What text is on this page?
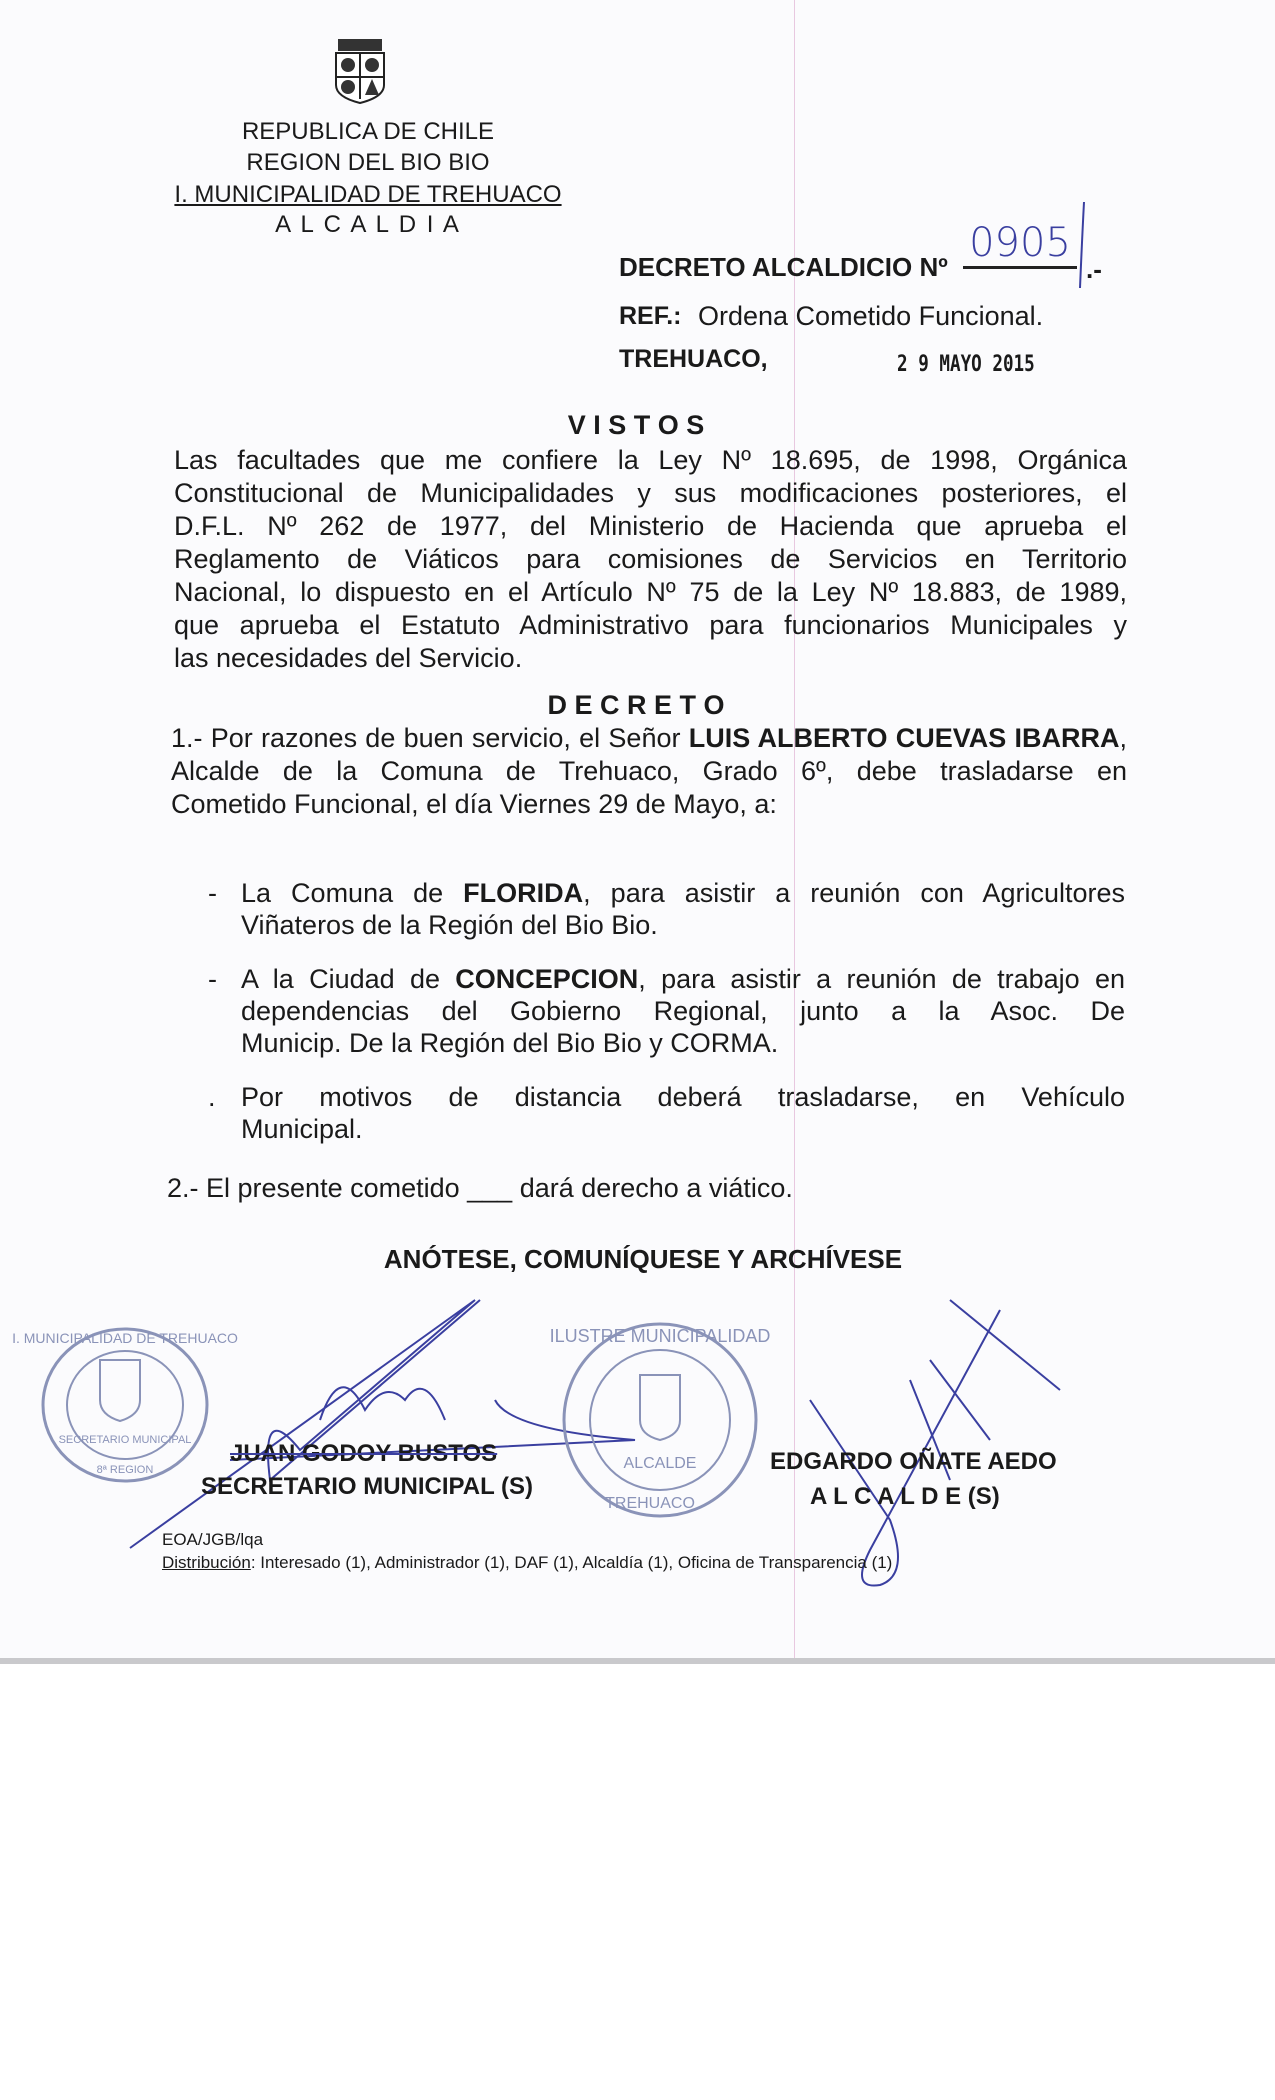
REPUBLICA DE CHILE
REGION DEL BIO BIO
I. MUNICIPALIDAD DE TREHUACO
A L C A L D I A
DECRETO ALCALDICIO Nº
0905
.-
REF.: Ordena Cometido Funcional.
TREHUACO,	2 9 MAYO 2015
V I S T O S
Las facultades que me confiere la Ley Nº 18.695, de 1998, Orgánica
Constitucional de Municipalidades y sus modificaciones posteriores, el
D.F.L. Nº 262 de 1977, del Ministerio de Hacienda que aprueba el
Reglamento de Viáticos para comisiones de Servicios en Territorio
Nacional, lo dispuesto en el Artículo Nº 75 de la Ley Nº 18.883, de 1989,
que aprueba el Estatuto Administrativo para funcionarios Municipales y
las necesidades del Servicio.
D E C R E T O
1.- Por razones de buen servicio, el Señor LUIS ALBERTO CUEVAS IBARRA,
Alcalde de la Comuna de Trehuaco, Grado 6º, debe trasladarse en
Cometido Funcional, el día Viernes 29 de Mayo, a:
- La Comuna de FLORIDA, para asistir a reunión con Agricultores
Viñateros de la Región del Bio Bio.
- A la Ciudad de CONCEPCION, para asistir a reunión de trabajo en
dependencias del Gobierno Regional, junto a la Asoc. De
Municip. De la Región del Bio Bio y CORMA.
. Por motivos de distancia deberá trasladarse, en Vehículo
Municipal.
2.- El presente cometido ___ dará derecho a viático.
ANÓTESE, COMUNÍQUESE Y ARCHÍVESE
I. MUNICIPALIDAD DE TREHUACO
SECRETARIO MUNICIPAL
8ª REGION
JUAN GODOY BUSTOS
SECRETARIO MUNICIPAL (S)
ILUSTRE MUNICIPALIDAD
ALCALDE
TREHUACO
EDGARDO OÑATE AEDO
A L C A L D E (S)
EOA/JGB/lqa
Distribución: Interesado (1), Administrador (1), DAF (1), Alcaldía (1), Oficina de Transparencia (1)
